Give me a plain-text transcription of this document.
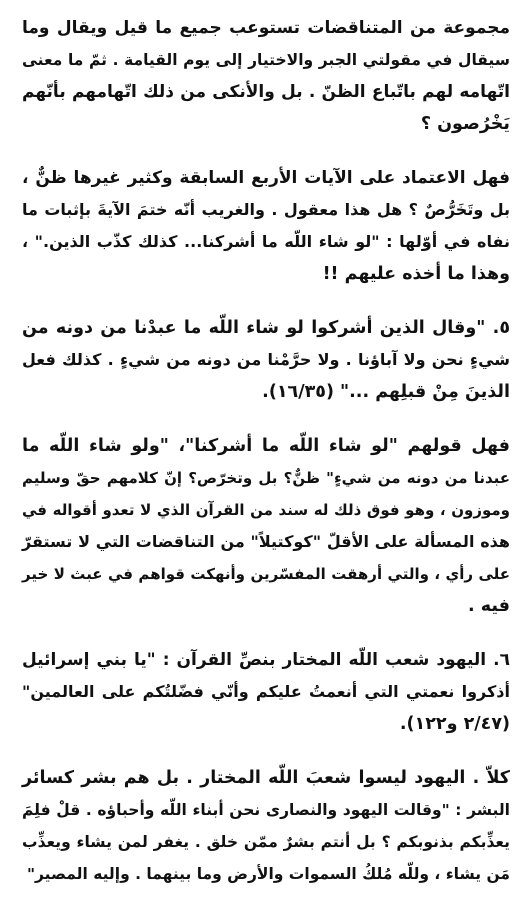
مجموعة من المتناقضات تستوعب جميع ما قيل ويقال وما
سيقال في مقولتي الجبر والاختيار إلى يوم القيامة . ثمّ ما معنى
اتّهامه لهم باتّباع الظنّ . بل والأنكى من ذلك اتّهامهم بأنّهم
يَخْرُصون ؟
فهل الاعتماد على الآيات الأربع السابقة وكثير غيرها ظنٌّ ،
بل وتَخَرُّصٌ ؟ هل هذا معقول . والغريب أنّه ختمَ الآيةَ بإثبات ما
نفاه في أوّلها : "لو شاء اللّه ما أشركنا... كذلك كذّب الذين." ،
وهذا ما أخذه عليهم !!
٥. "وقال الذين أشركوا لو شاء اللّه ما عبدْنا من دونه من
شيءٍ نحن ولا آباؤنا . ولا حرَّمْنا من دونه من شيءٍ . كذلك فعل
الذينَ مِنْ قبلِهم ..." (١٦/٣٥).
فهل قولهم "لو شاء اللّه ما أشركنا"، "ولو شاء اللّه ما
عبدنا من دونه من شيءٍ" ظنٌّ؟ بل وتخرّص؟ إنّ كلامهم حقّ وسليم
وموزون ، وهو فوق ذلك له سند من القرآن الذي لا تعدو أقواله في
هذه المسألة على الأقلّ "كوكتيلاً" من التناقضات التي لا تستقرّ
على رأي ، والتي أرهقت المفسّرين وأنهكت قواهم في عبث لا خير
فيه .
٦. اليهود شعب اللّه المختار بنصِّ القرآن : "يا بني إسرائيل
أذكروا نعمتي التي أنعمتُ عليكم وأنّي فضّلتُكم على العالمين"
(٢/٤٧ و١٢٢).
كلاّ . اليهود ليسوا شعبَ اللّه المختار . بل هم بشر كسائر
البشر : "وقالت اليهود والنصارى نحن أبناء اللّه وأحباؤه . قلْ فلِمَ
يعذِّبكم بذنوبكم ؟ بل أنتم بشرٌ ممّن خلق . يغفر لمن يشاء ويعذِّب
مَن يشاء ، وللّه مُلكُ السموات والأرض وما بينهما . وإليه المصير"
